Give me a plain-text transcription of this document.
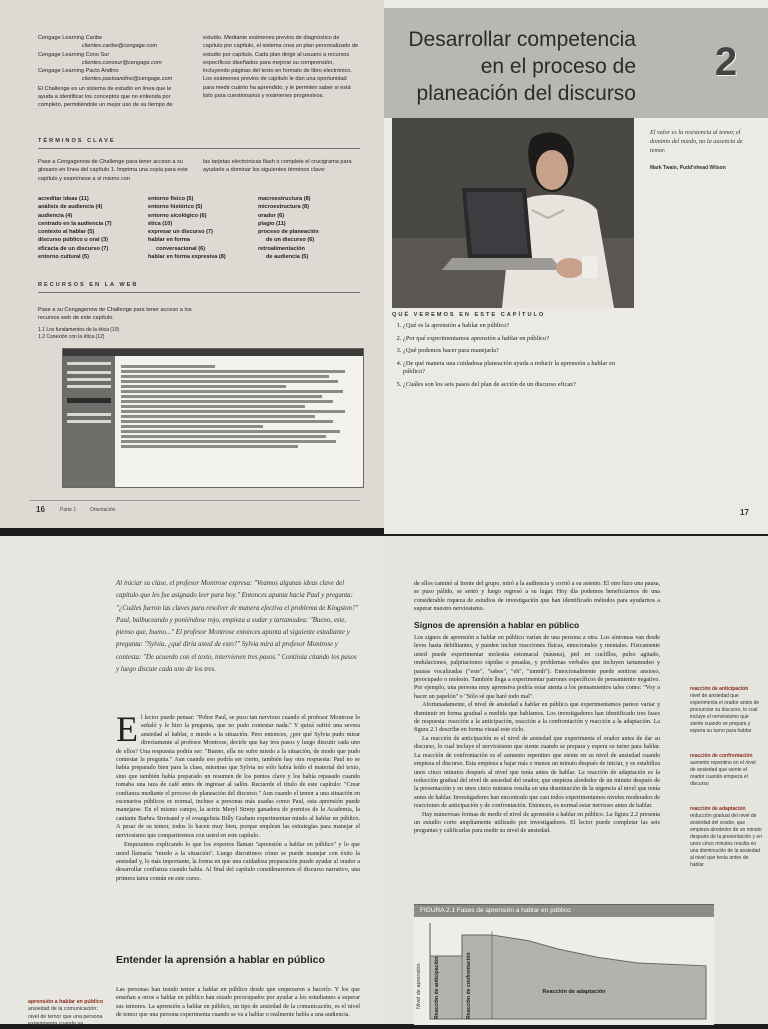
Cengage Learning Caribe
clientes.caribe@cengage.com
Cengage Learning Cono Sur
clientes.conosur@cengage.com
Cengage Learning Pacto Andino
clientes.pactoandino@cengage.com
El Challenge es un sistema de estudio en línea que le ayuda a identificar los conceptos que no entienda por completo, permitiéndole un mejor uso de su tiempo de
estudio. Mediante exámenes previos de diagnóstico de capítulo por capítulo, el sistema crea un plan personalizado de estudio por capítulo. Cada plan dirige al usuario a recursos específicos diseñados para mejorar su comprensión, incluyendo páginas del texto en formato de libro electrónico. Los exámenes previos de capítulo le dan una oportunidad para medir cuánto ha aprendido, y le permiten saber si está listo para cuestionarios y exámenes progresivos.
TÉRMINOS CLAVE
Pase a Cengagenow de Challenge para tener acceso a su glosario en línea del capítulo 1. Imprima una copia para este capítulo y examínese a sí mismo con
las tarjetas electrónicas flash o complete el crucigrama para ayudarle a dominar los siguientes términos clave:
acreditar ideas (11)
análisis de audiencia (4)
audiencia (4)
centrado en la audiencia (7)
contexto al hablar (5)
discurso público u oral (3)
eficacia de un discurso (7)
entorno cultural (5)
entorno físico (5)
entorno histórico (5)
entorno sicológico (6)
ética (10)
expresar un discurso (7)
hablar en forma
conversacional (6)
hablar en forma expresiva (8)
macroestructura (8)
microestructura (8)
orador (6)
plagio (11)
proceso de planeación
de un discurso (6)
retroalimentación
de audiencia (5)
RECURSOS EN LA WEB
Pase a su Cengagenow de Challenge para tener acceso a los recursos web de este capítulo.
1.1 Los fundamentos de la ética (10)
1.2 Conexión con la ética (12)
16	Parte 1	Orientación
Desarrollar competencia
en el proceso de
planeación del discurso
2
El valor es la resistencia al temor, el dominio del miedo, no la ausencia de temor.
Mark Twain, Pudd'nhead Wilson
QUÉ VEREMOS EN ESTE CAPÍTULO
1. ¿Qué es la aprensión a hablar en público?
2. ¿Por qué experimentamos aprensión a hablar en público?
3. ¿Qué podemos hacer para manejarla?
4. ¿De qué manera una cuidadosa planeación ayuda a reducir la aprensión a hablar en público?
5. ¿Cuáles son los seis pasos del plan de acción de un discurso eficaz?
17
Al iniciar su clase, el profesor Montrose expresa: "Veamos algunas ideas clave del capítulo que les fue asignado leer para hoy." Entonces apunta hacia Paul y pregunta: "¿Cuáles fueron las claves para resolver de manera efectiva el problema de Kingston?" Paul, balbuceando y poniéndose rojo, empieza a sudar y tartamudea: "Bueno, este, pienso que, bueno..." El profesor Montrose entonces apunta al siguiente estudiante y pregunta: "Sylvia, ¿qué diría usted de esto?" Sylvia mira al profesor Montrose y contesta: "De acuerdo con el texto, intervienen tres pasos." Continúa citando los pasos y luego discute cada uno de los tres.
El lector puede pensar: "Pobre Paul, se puso tan nervioso cuando el profesor Montrose lo señaló y le hizo la pregunta, que no pudo contestar nada." Y quizá sufrió una severa ansiedad al hablar, o miedo a la situación. Pero entonces, ¿por qué Sylvia pudo mirar directamente al profesor Montrose, decirle que hay tres pasos y luego discutir cada uno de ellos? Una respuesta podría ser: "Bueno, ella no sufre miedo a la situación, de modo que pudo contestar la pregunta." Aun cuando eso podría ser cierto, también hay otra respuesta: Paul no se había preparado bien para la clase, mientras que Sylvia no sólo había leído el material del texto, sino que también había preparado un resumen de los puntos clave y los había repasado cuando tomaba una taza de café antes de ingresar al salón. Recuerde el título de este capítulo: "Crear confianza mediante el proceso de planeación del discurso." Aun cuando el temor a una situación en escenarios públicos es normal, incluso a personas más usadas como Paul, esta aprensión puede manejarse. En el mismo campo, la actriz Meryl Streep ganadora de premios de la Academia, la cantante Barbra Streisand y el evangelista Billy Graham experimentan miedo al hablar en público. A pesar de su temor, todos lo hacen muy bien, porque emplean las estrategias para manejar el nerviosismo que compartiremos con usted en este capítulo.
Empezamos explicando lo que los expertos llaman "aprensión a hablar en público" y lo que usted llamaría "miedo a la situación". Luego discutimos cómo se puede manejar con éxito la ansiedad y, lo más importante, la forma en que una cuidadosa preparación puede ayudar al orador a desarrollar confianza cuando habla. Al final del capítulo consideraremos el discurso narrativo, una primera tarea común en este curso.
Entender la aprensión a hablar en público
Las personas han tenido temor a hablar en público desde que empezaron a hacerlo. Y los que enseñan a otros a hablar en público han estado preocupados por ayudar a los estudiantes a superar sus temores. La aprensión a hablar en público, un tipo de ansiedad de la comunicación, es el nivel de temor que una persona experimenta cuando se va a hablar o realmente habla a una audiencia.
aprensión a hablar en público
ansiedad de la comunicación; nivel de temor que una persona experimenta cuando va
de ellos caminó al frente del grupo, miró a la audiencia y corrió a su asiento. El otro hizo una pausa, se puso pálido, se sentó y luego regresó a su lugar. Hoy día podemos beneficiarnos de una considerable riqueza de estudios de investigación que han identificado métodos para ayudarnos a superar nuestro nerviosismo.
Signos de aprensión a hablar en público
Los signos de aprensión a hablar en público varían de una persona a otra. Los síntomas van desde leves hasta debilitantes, y pueden incluir reacciones físicas, emocionales y mentales. Físicamente usted puede experimentar molestia estomacal (náusea), piel en cuclillos, pulso agitado, ondulaciones, palpitaciones rápidas o pesadas, y problemas verbales que incluyen tartamudeo y pausas vocalizadas ("este", "sabes", "eh", "ummh"). Emocionalmente puede sentirse ansioso, preocupado o molesto. También llega a experimentar patrones específicos de pensamiento negativo. Por ejemplo, una persona muy aprensiva podría estar atenta a los pensamientos tales como: "Voy a hacer un papelón" o "Sólo sé que haré todo mal".
Afortunadamente, el nivel de ansiedad a hablar en público que experimentamos parece variar y disminuir en forma gradual a medida que hablamos. Los investigadores han identificado tres fases de respuesta: reacción a la anticipación, reacción a la confrontación y reacción a la adaptación. La figura 2.1 describe en forma visual este ciclo.
La reacción de anticipación es el nivel de ansiedad que experimenta el orador antes de dar su discurso, lo cual incluye el nerviosismo que siente cuando se prepara y espera su turno para hablar. La reacción de confrontación es el aumento repentino que siente en su nivel de ansiedad cuando empieza el discurso. Esta empieza a bajar más o menos un minuto después de iniciar, y se estabiliza unos cinco minutos después al nivel que tenía antes de hablar. La reacción de adaptación es la reducción gradual del nivel de ansiedad del orador, que empieza alrededor de un minuto después de la presentación y en unos cinco minutos resulta en una disminución de la urgencia al nivel que tenía antes de hablar. Investigadores han encontrado que casi todos experimentamos niveles moderados de reacciones de anticipación y de confrontación. Entonces, es normal estar nervioso antes de hablar.
Hay numerosas formas de medir el nivel de aprensión a hablar en público. La figura 2.2 presenta un estudio corto ampliamente utilizado por investigadores. El lector puede completar las seis preguntas y calificarlas para medir su nivel de ansiedad.
reacción de anticipación
nivel de ansiedad que experimenta el orador antes de pronunciar su discurso, lo cual incluye el nerviosismo que siente cuando se prepara y espera su turno para hablar
reacción de confrontación
aumento repentino en el nivel de ansiedad que siente el orador cuando empieza el discurso
reacción de adaptación
reducción gradual del nivel de ansiedad del orador, que empieza alrededor de un minuto después de la presentación y en unos cinco minutos resulta en una disminución de la ansiedad al nivel que tenía antes de hablar
FIGURA 2.1 Fases de aprensión a hablar en público
Nivel de aprensión Reacción de anticipación	Reacción de confrontación	Reacción de adaptación
